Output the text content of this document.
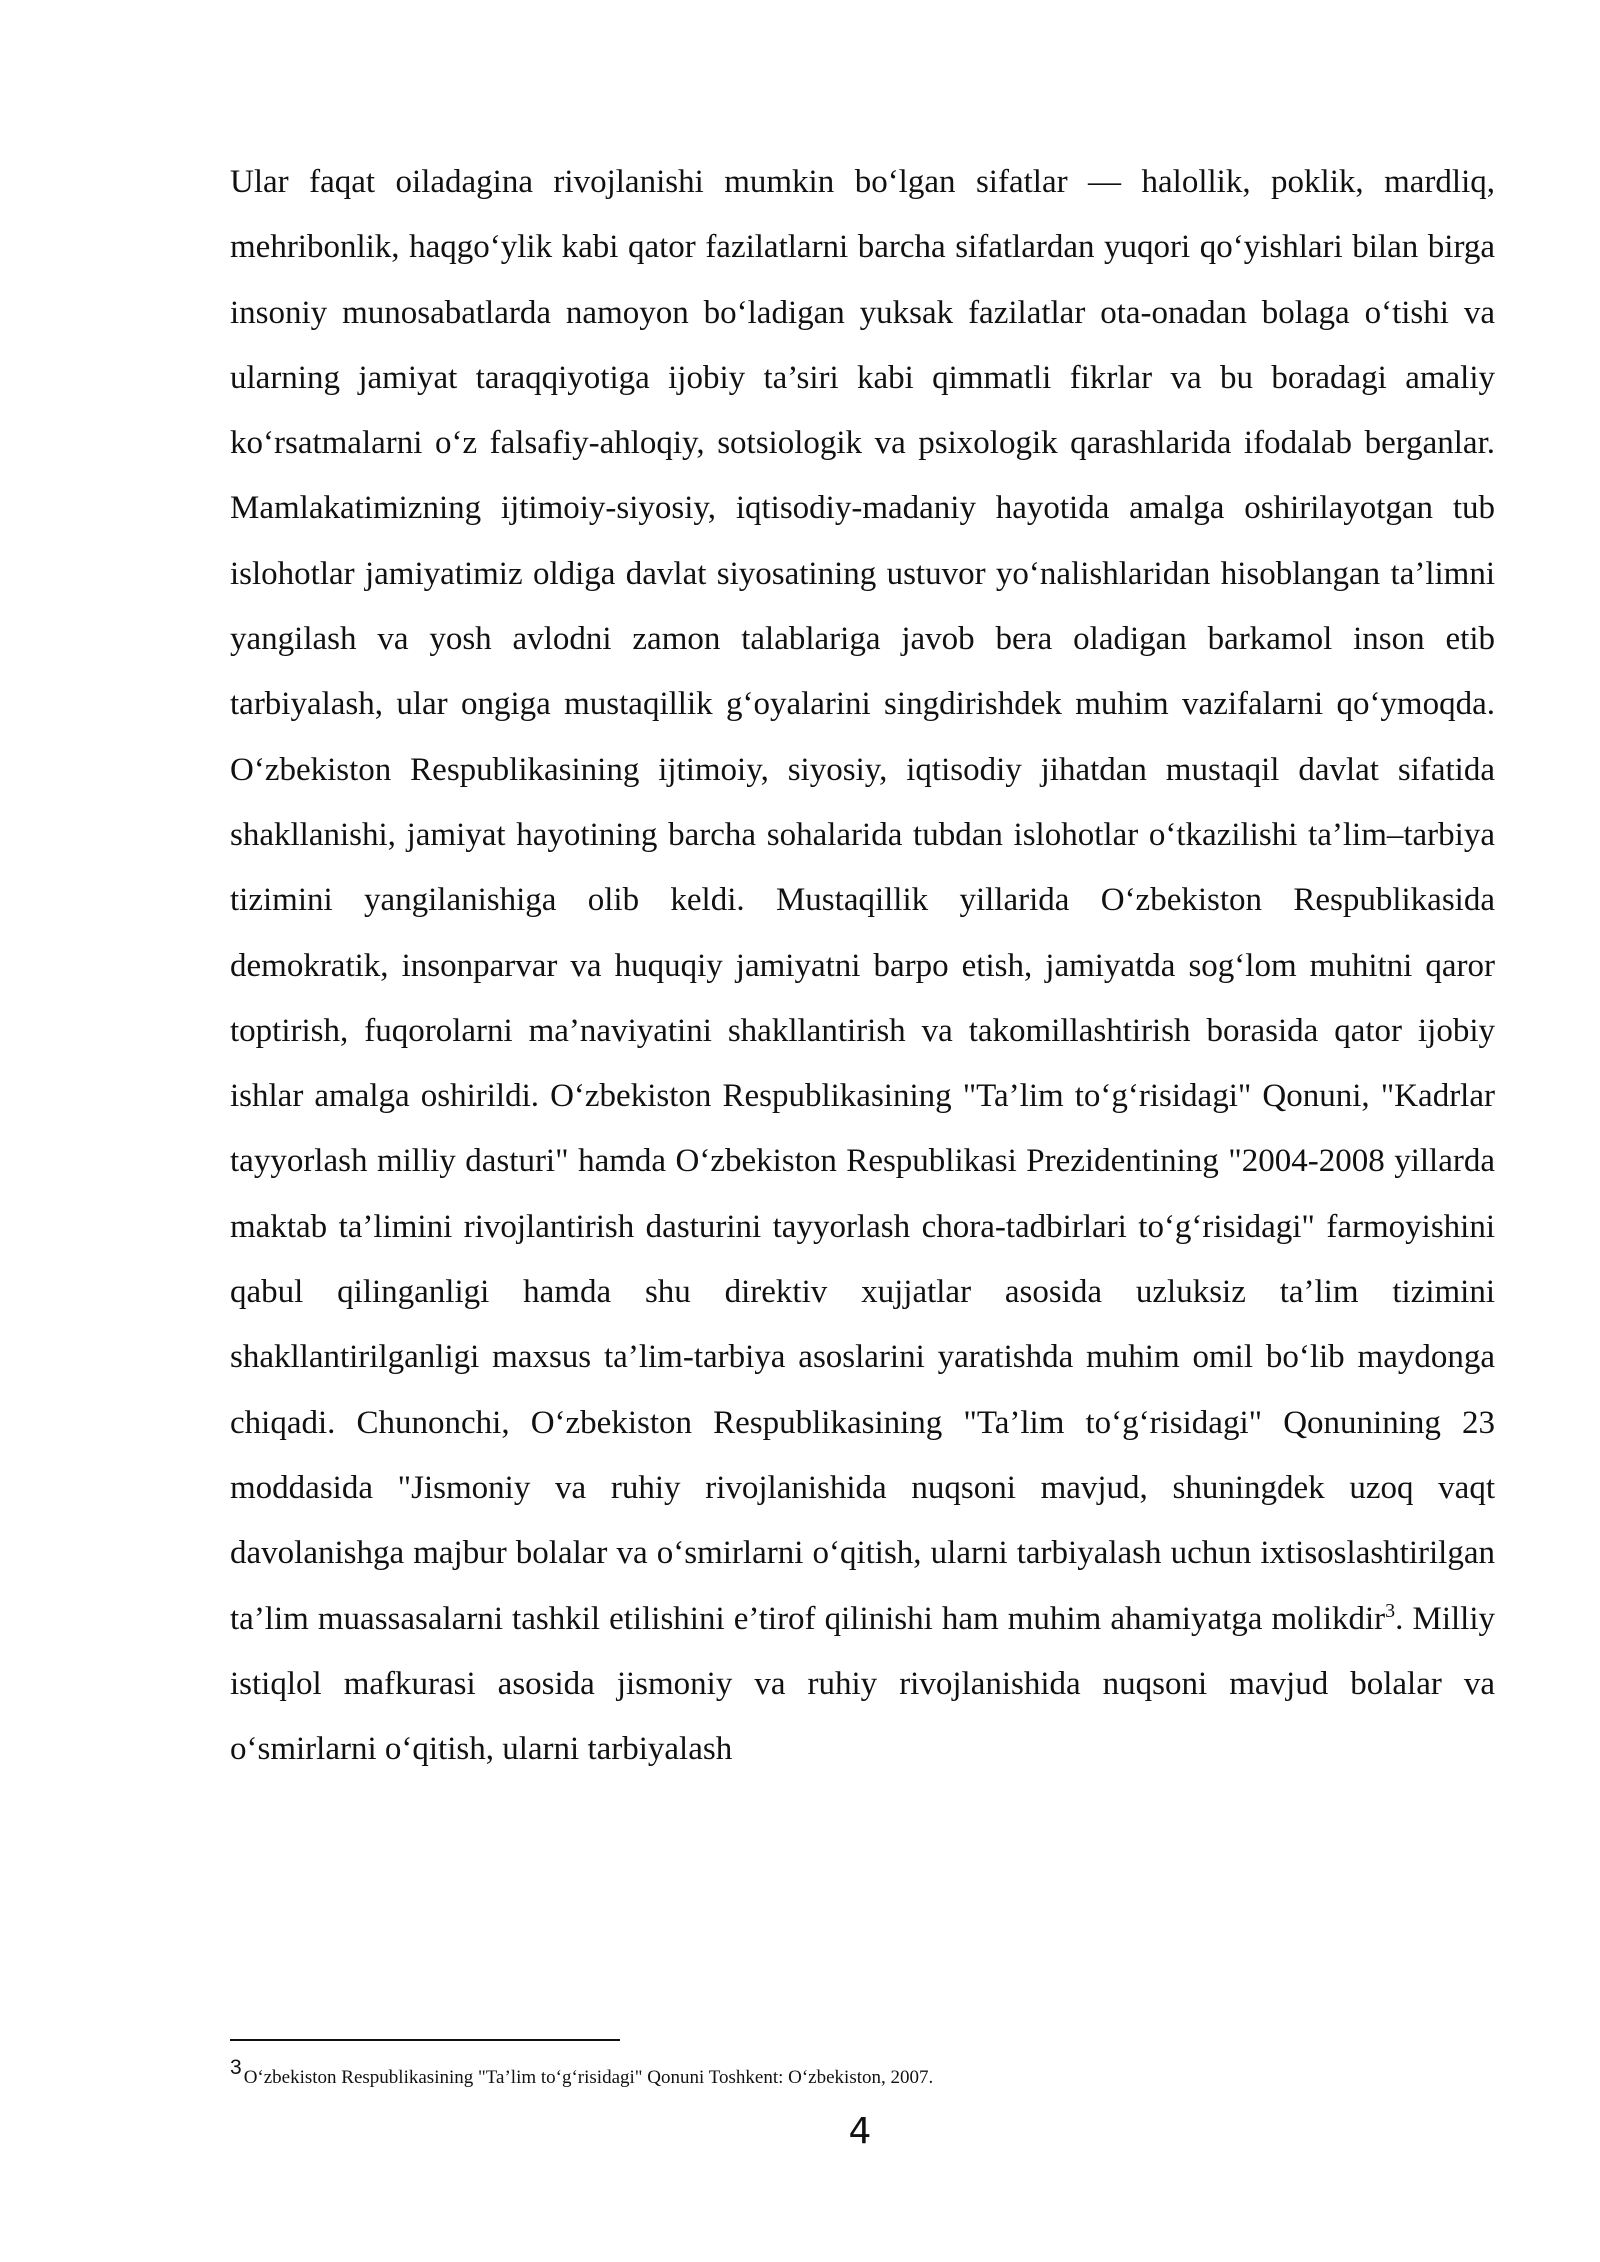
Ular faqat oiladagina rivojlanishi mumkin bo‘lgan sifatlar — halollik, poklik, mardliq, mehribonlik, haqgo‘ylik kabi qator fazilatlarni barcha sifatlardan yuqori qo‘yishlari bilan birga insoniy munosabatlarda namoyon bo‘ladigan yuksak fazilatlar ota-onadan bolaga o‘tishi va ularning jamiyat taraqqiyotiga ijobiy ta’siri kabi qimmatli fikrlar va bu boradagi amaliy ko‘rsatmalarni o‘z falsafiy-ahloqiy, sotsiologik va psixologik qarashlarida ifodalab berganlar. Mamlakatimizning ijtimoiy-siyosiy, iqtisodiy-madaniy hayotida amalga oshirilayotgan tub islohotlar jamiyatimiz oldiga davlat siyosatining ustuvor yo‘nalishlaridan hisoblangan ta’limni yangilash va yosh avlodni zamon talablariga javob bera oladigan barkamol inson etib tarbiyalash, ular ongiga mustaqillik g‘oyalarini singdirishdek muhim vazifalarni qo‘ymoqda. O‘zbekiston Respublikasining ijtimoiy, siyosiy, iqtisodiy jihatdan mustaqil davlat sifatida shakllanishi, jamiyat hayotining barcha sohalarida tubdan islohotlar o‘tkazilishi ta’lim–tarbiya tizimini yangilanishiga olib keldi. Mustaqillik yillarida O‘zbekiston Respublikasida demokratik, insonparvar va huquqiy jamiyatni barpo etish, jamiyatda sog‘lom muhitni qaror toptirish, fuqorolarni ma’naviyatini shakllantirish va takomillashtirish borasida qator ijobiy ishlar amalga oshirildi. O‘zbekiston Respublikasining "Ta’lim to‘g‘risidagi" Qonuni, "Kadrlar tayyorlash milliy dasturi" hamda O‘zbekiston Respublikasi Prezidentining "2004-2008 yillarda maktab ta’limini rivojlantirish dasturini tayyorlash chora-tadbirlari to‘g‘risidagi" farmoyishini qabul qilinganligi hamda shu direktiv xujjatlar asosida uzluksiz ta’lim tizimini shakllantirilganligi maxsus ta’lim-tarbiya asoslarini yaratishda muhim omil bo‘lib maydonga chiqadi. Chunonchi, O‘zbekiston Respublikasining "Ta’lim to‘g‘risidagi" Qonunining 23 moddasida "Jismoniy va ruhiy rivojlanishida nuqsoni mavjud, shuningdek uzoq vaqt davolanishga majbur bolalar va o‘smirlarni o‘qitish, ularni tarbiyalash uchun ixtisoslashtirilgan ta’lim muassasalarni tashkil etilishini e’tirof qilinishi ham muhim ahamiyatga molikdir$^3$. Milliy istiqlol mafkurasi asosida jismoniy va ruhiy rivojlanishida nuqsoni mavjud bolalar va o‘smirlarni o‘qitish, ularni tarbiyalash

3 O‘zbekiston Respublikasining "Ta’lim to‘g‘risidagi" Qonuni Toshkent: O‘zbekiston, 2007.
4
